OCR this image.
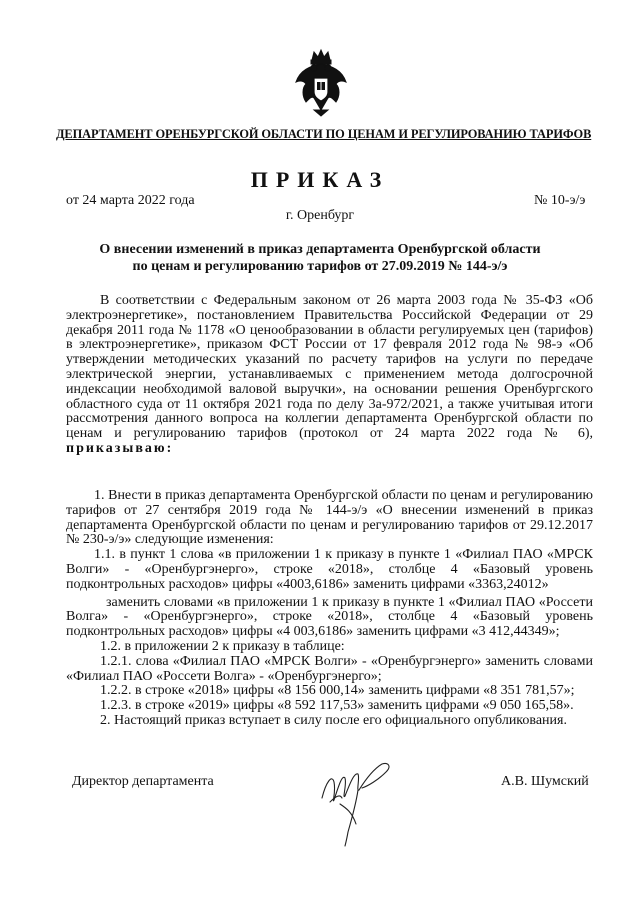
ДЕПАРТАМЕНТ ОРЕНБУРГСКОЙ ОБЛАСТИ ПО ЦЕНАМ И РЕГУЛИРОВАНИЮ ТАРИФОВ
ПРИКАЗ
от 24 марта 2022 года	№ 10-э/э
г. Оренбург
О внесении изменений в приказ департамента Оренбургской области
по ценам и регулированию тарифов от 27.09.2019 № 144-э/э
В соответствии с Федеральным законом от 26 марта 2003 года № 35-ФЗ «Об электроэнергетике», постановлением Правительства Российской Федерации от 29 декабря 2011 года № 1178 «О ценообразовании в области регулируемых цен (тарифов) в электроэнергетике», приказом ФСТ России от 17 февраля 2012 года № 98-э «Об утверждении методических указаний по расчету тарифов на услуги по передаче электрической энергии, устанавливаемых с применением метода долгосрочной индексации необходимой валовой выручки», на основании решения Оренбургского областного суда от 11 октября 2021 года по делу 3а-972/2021, а также учитывая итоги рассмотрения данного вопроса на коллегии департамента Оренбургской области по ценам и регулированию тарифов (протокол от 24 марта 2022 года № 6), приказываю:

1. Внести в приказ департамента Оренбургской области по ценам и регулированию тарифов от 27 сентября 2019 года № 144-э/э «О внесении изменений в приказ департамента Оренбургской области по ценам и регулированию тарифов от 29.12.2017 № 230-э/э» следующие изменения:

1.1. в пункт 1 слова «в приложении 1 к приказу в пункте 1 «Филиал ПАО «МРСК Волги» - «Оренбургэнерго», строке «2018», столбце 4 «Базовый уровень подконтрольных расходов» цифры «4003,6186» заменить цифрами «3363,24012»

заменить словами «в приложении 1 к приказу в пункте 1 «Филиал ПАО «Россети Волга» - «Оренбургэнерго», строке «2018», столбце 4 «Базовый уровень подконтрольных расходов» цифры «4 003,6186» заменить цифрами «3 412,44349»;

1.2. в приложении 2 к приказу в таблице:

1.2.1. слова «Филиал ПАО «МРСК Волги» - «Оренбургэнерго» заменить словами «Филиал ПАО «Россети Волга» - «Оренбургэнерго»;

1.2.2. в строке «2018» цифры «8 156 000,14» заменить цифрами «8 351 781,57»;

1.2.3. в строке «2019» цифры «8 592 117,53» заменить цифрами «9 050 165,58».

2. Настоящий приказ вступает в силу после его официального опубликования.

Директор департамента	А.В. Шумский
